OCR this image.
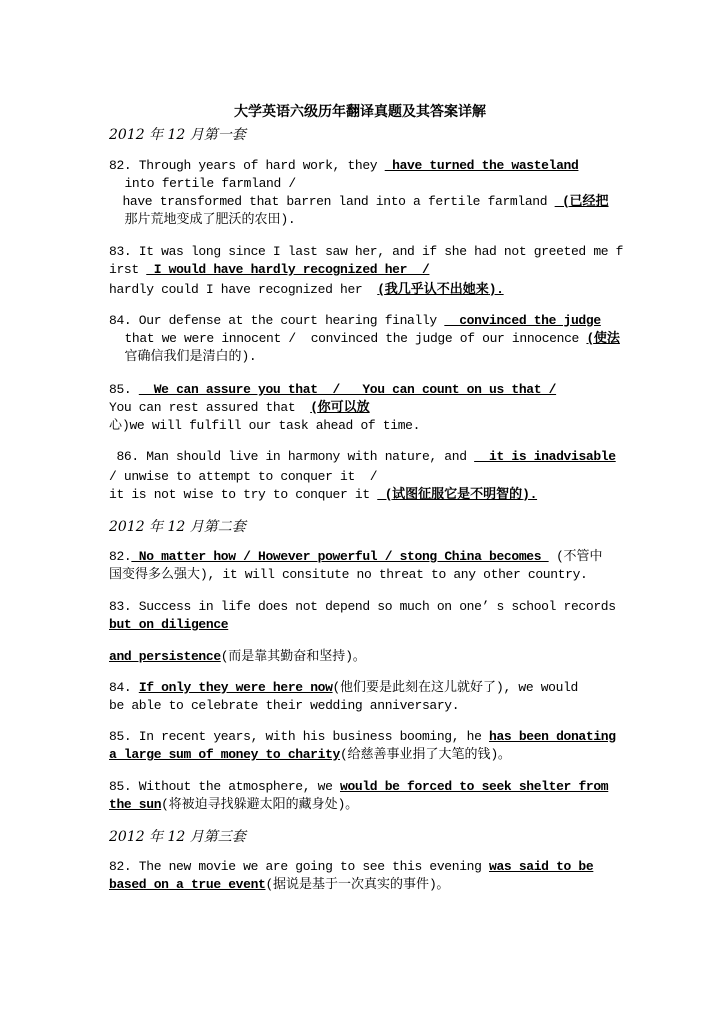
大学英语六级历年翻译真题及其答案详解
2012 年 12 月第一套
82. Through years of hard work, they  have turned the wasteland
into fertile farmland /
have transformed that barren land into a fertile farmland  (已经把
那片荒地变成了肥沃的农田).
83. It was long since I last saw her, and if she had not greeted me f
irst  I would have hardly recognized her  /
hardly could I have recognized her  (我几乎认不出她来).
84. Our defense at the court hearing finally   convinced the judge
that we were innocent /  convinced the judge of our innocence (使法
官确信我们是清白的).
85.   We can assure you that  /   You can count on us that /
You can rest assured that  (你可以放
心)we will fulfill our task ahead of time.
86. Man should live in harmony with nature, and   it is inadvisable
/ unwise to attempt to conquer it  /
it is not wise to try to conquer it  (试图征服它是不明智的).
2012 年 12 月第二套
82. No matter how / However powerful / stong China becomes  (不管中
国变得多么强大), it will consitute no threat to any other country.
83. Success in life does not depend so much on one’ s school records
but on diligence
and persistence(而是靠其勤奋和坚持)。
84. If only they were here now(他们要是此刻在这儿就好了), we would
be able to celebrate their wedding anniversary.
85. In recent years, with his business booming, he has been donating
a large sum of money to charity(给慈善事业捐了大笔的钱)。
85. Without the atmosphere, we would be forced to seek shelter from
the sun(将被迫寻找躲避太阳的藏身处)。
2012 年 12 月第三套
82. The new movie we are going to see this evening was said to be
based on a true event(据说是基于一次真实的事件)。
